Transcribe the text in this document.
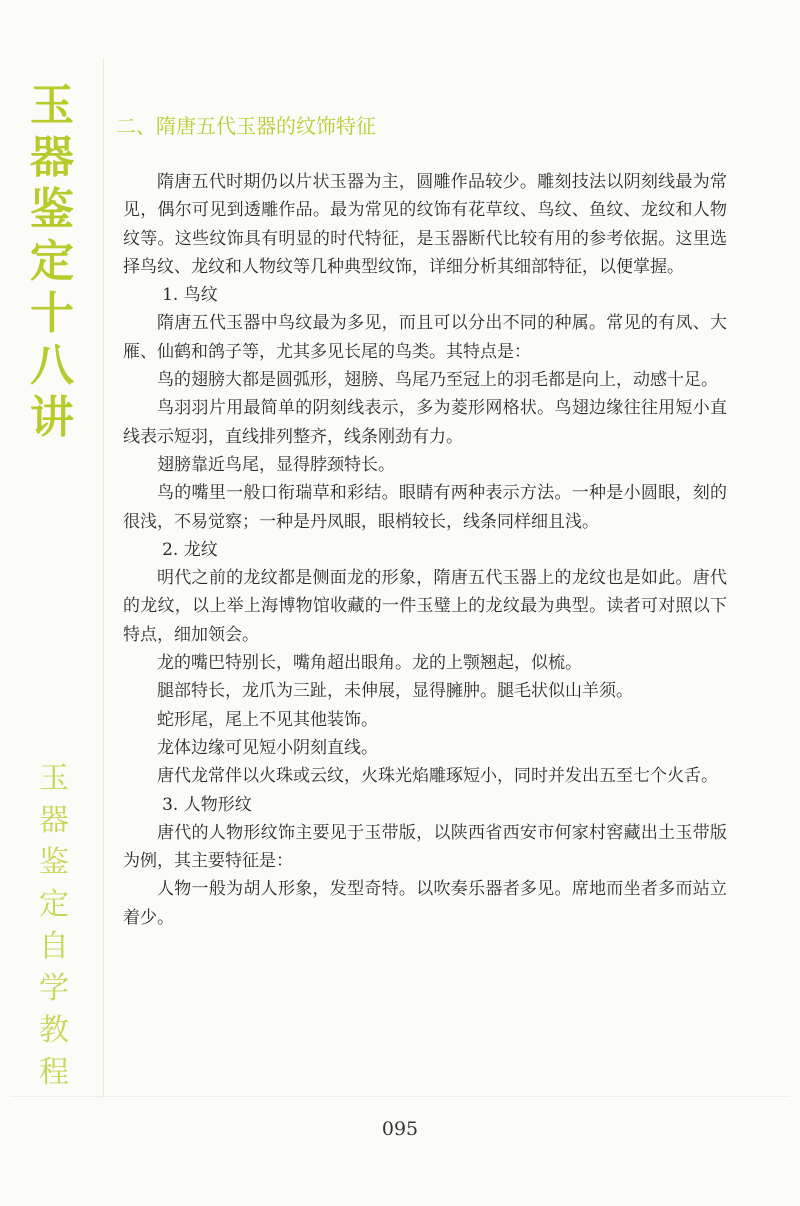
玉
器
鉴
定
十
八
讲
玉
器
鉴
定
自
学
教
程
二、隋唐五代玉器的纹饰特征

隋唐五代时期仍以片状玉器为主，圆雕作品较少。雕刻技法以阴刻线最为常见，偶尔可见到透雕作品。最为常见的纹饰有花草纹、鸟纹、鱼纹、龙纹和人物纹等。这些纹饰具有明显的时代特征，是玉器断代比较有用的参考依据。这里选择鸟纹、龙纹和人物纹等几种典型纹饰，详细分析其细部特征，以便掌握。

1. 鸟纹

隋唐五代玉器中鸟纹最为多见，而且可以分出不同的种属。常见的有凤、大雁、仙鹤和鸽子等，尤其多见长尾的鸟类。其特点是：

鸟的翅膀大都是圆弧形，翅膀、鸟尾乃至冠上的羽毛都是向上，动感十足。

鸟羽羽片用最简单的阴刻线表示，多为菱形网格状。鸟翅边缘往往用短小直线表示短羽，直线排列整齐，线条刚劲有力。

翅膀靠近鸟尾，显得脖颈特长。

鸟的嘴里一般口衔瑞草和彩结。眼睛有两种表示方法。一种是小圆眼，刻的很浅，不易觉察；一种是丹凤眼，眼梢较长，线条同样细且浅。

2. 龙纹

明代之前的龙纹都是侧面龙的形象，隋唐五代玉器上的龙纹也是如此。唐代的龙纹，以上举上海博物馆收藏的一件玉璧上的龙纹最为典型。读者可对照以下特点，细加领会。

龙的嘴巴特别长，嘴角超出眼角。龙的上颚翘起，似梳。

腿部特长，龙爪为三趾，未伸展，显得臃肿。腿毛状似山羊须。

蛇形尾，尾上不见其他装饰。

龙体边缘可见短小阴刻直线。

唐代龙常伴以火珠或云纹，火珠光焰雕琢短小，同时并发出五至七个火舌。

3. 人物形纹

唐代的人物形纹饰主要见于玉带版，以陕西省西安市何家村窖藏出土玉带版为例，其主要特征是：

人物一般为胡人形象，发型奇特。以吹奏乐器者多见。席地而坐者多而站立着少。

095
